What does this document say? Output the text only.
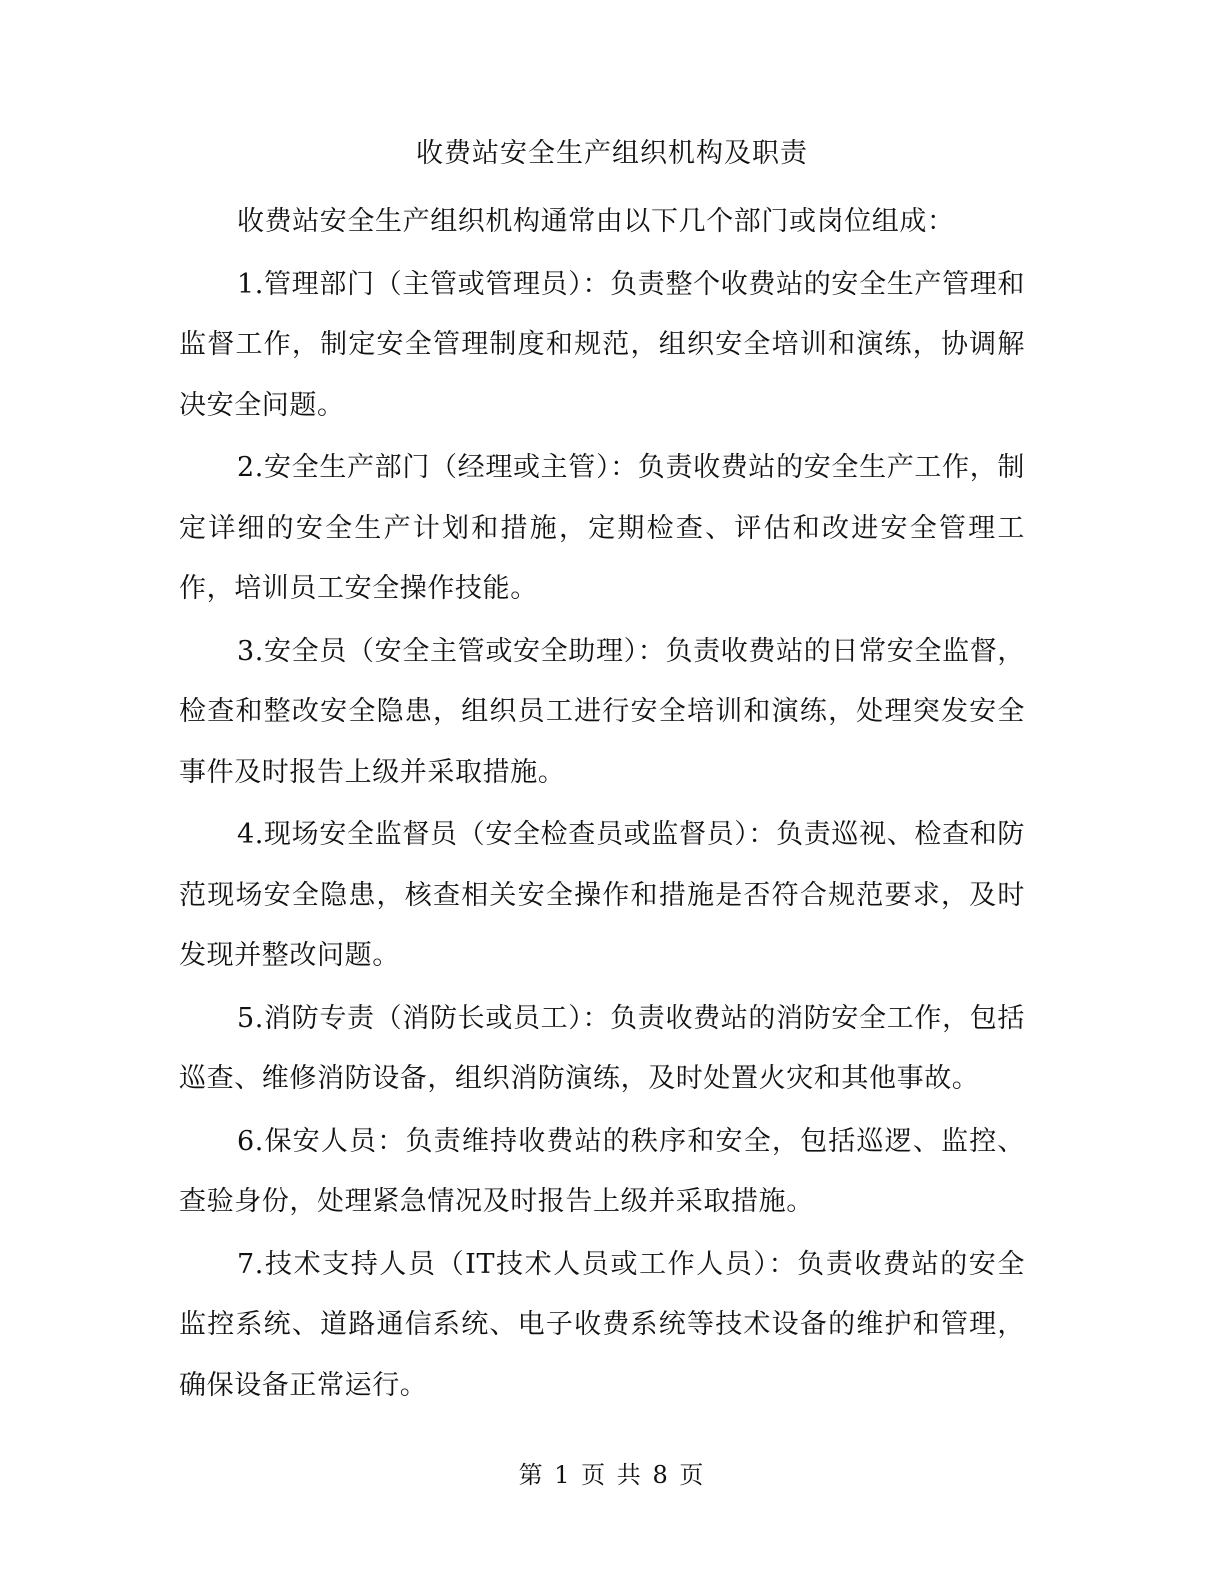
收费站安全生产组织机构及职责

收费站安全生产组织机构通常由以下几个部门或岗位组成：

1.管理部门（主管或管理员）：负责整个收费站的安全生产管理和监督工作，制定安全管理制度和规范，组织安全培训和演练，协调解决安全问题。

2.安全生产部门（经理或主管）：负责收费站的安全生产工作，制定详细的安全生产计划和措施，定期检查、评估和改进安全管理工作，培训员工安全操作技能。

3.安全员（安全主管或安全助理）：负责收费站的日常安全监督，检查和整改安全隐患，组织员工进行安全培训和演练，处理突发安全事件及时报告上级并采取措施。

4.现场安全监督员（安全检查员或监督员）：负责巡视、检查和防范现场安全隐患，核查相关安全操作和措施是否符合规范要求，及时发现并整改问题。

5.消防专责（消防长或员工）：负责收费站的消防安全工作，包括巡查、维修消防设备，组织消防演练，及时处置火灾和其他事故。

6.保安人员：负责维持收费站的秩序和安全，包括巡逻、监控、查验身份，处理紧急情况及时报告上级并采取措施。

7.技术支持人员（IT技术人员或工作人员）：负责收费站的安全监控系统、道路通信系统、电子收费系统等技术设备的维护和管理，确保设备正常运行。

第 1 页 共 8 页
